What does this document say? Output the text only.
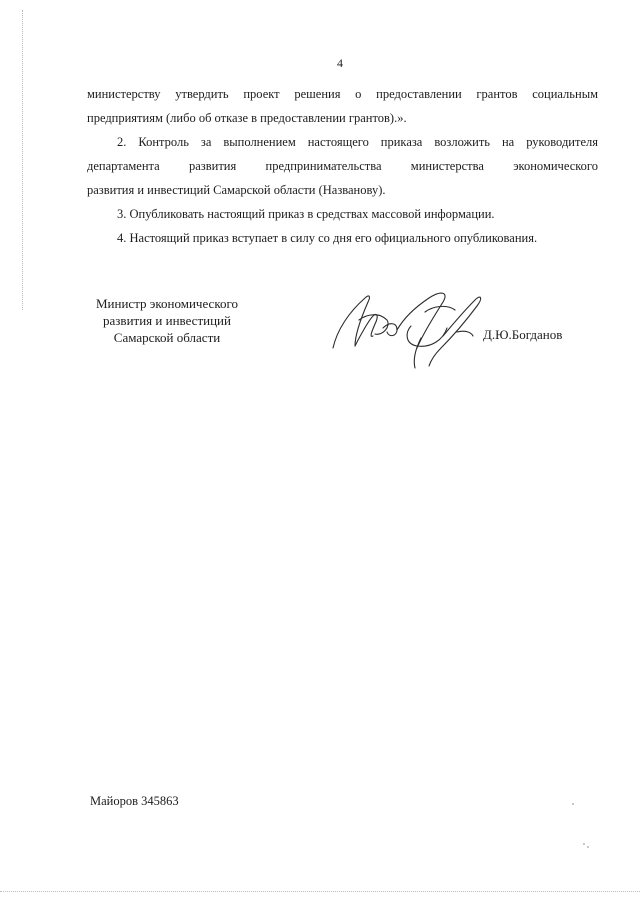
4

министерству утвердить проект решения о предоставлении грантов социальным
предприятиям (либо об отказе в предоставлении грантов).».

2. Контроль за выполнением настоящего приказа возложить на руководителя
департамента развития предпринимательства министерства экономического
развития и инвестиций Самарской области (Названову).

3. Опубликовать настоящий приказ в средствах массовой информации.

4. Настоящий приказ вступает в силу со дня его официального опубликования.

Министр экономического
развития и инвестиций
Самарской области	Д.Ю.Богданов
Майоров 345863
